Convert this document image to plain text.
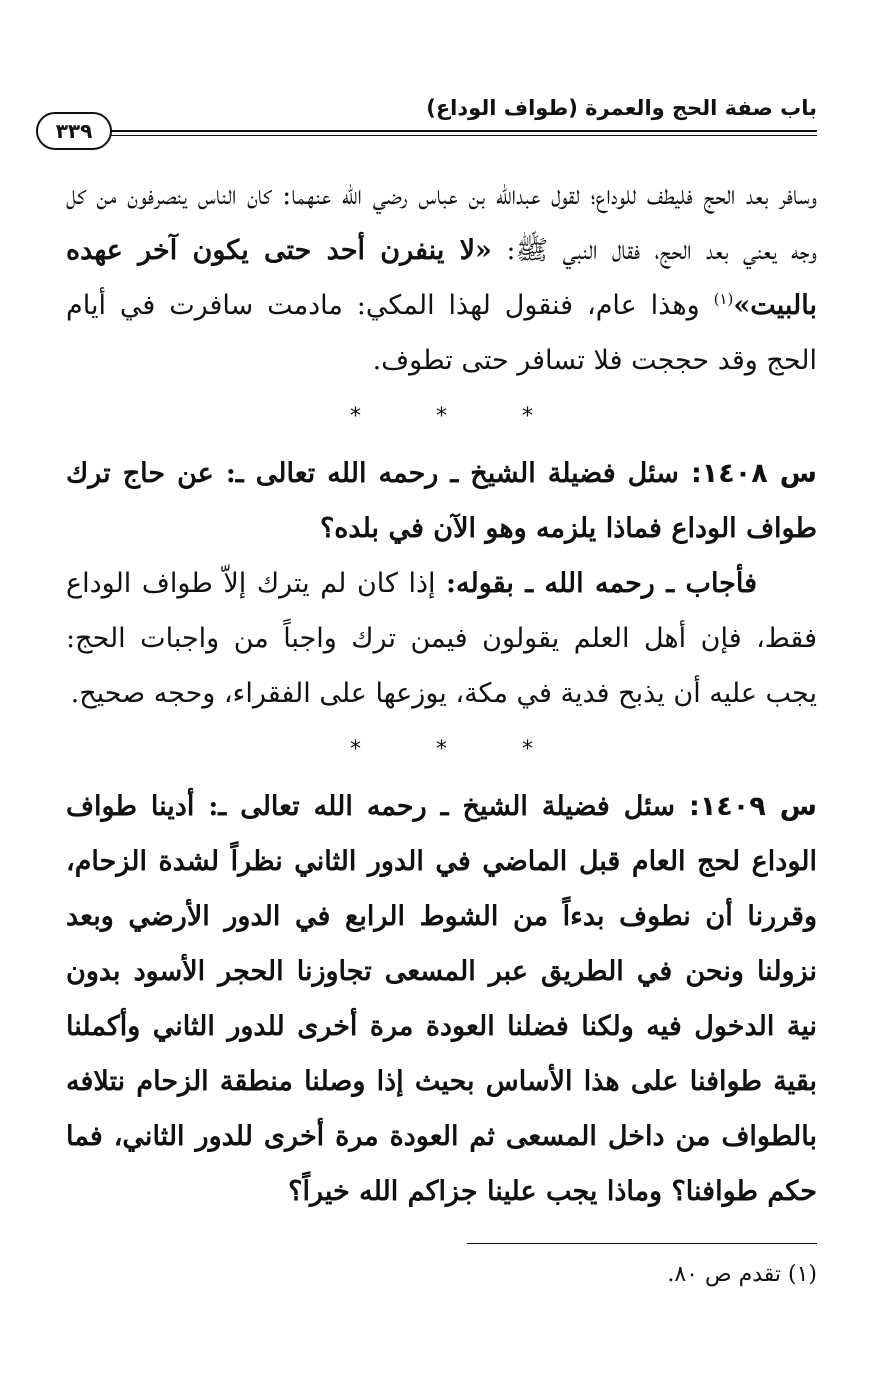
باب صفة الحج والعمرة (طواف الوداع)
٣٣٩

وسافر بعد الحج فليطف للوداع؛ لقول عبدالله بن عباس رضي الله عنهما: كان الناس ينصرفون من كل وجه يعني بعد الحج، فقال النبي ﷺ: «لا ينفرن أحد حتى يكون آخر عهده بالبيت»$^{(١)}$ وهذا عام، فنقول لهذا المكي: مادمت سافرت في أيام الحج وقد حججت فلا تسافر حتى تطوف.

* * *

س ١٤٠٨: سئل فضيلة الشيخ ـ رحمه الله تعالى ـ: عن حاج ترك طواف الوداع فماذا يلزمه وهو الآن في بلده؟

فأجاب ـ رحمه الله ـ بقوله: إذا كان لم يترك إلاّ طواف الوداع فقط، فإن أهل العلم يقولون فيمن ترك واجباً من واجبات الحج: يجب عليه أن يذبح فدية في مكة، يوزعها على الفقراء، وحجه صحيح.

* * *

س ١٤٠٩: سئل فضيلة الشيخ ـ رحمه الله تعالى ـ: أدينا طواف الوداع لحج العام قبل الماضي في الدور الثاني نظراً لشدة الزحام، وقررنا أن نطوف بدءاً من الشوط الرابع في الدور الأرضي وبعد نزولنا ونحن في الطريق عبر المسعى تجاوزنا الحجر الأسود بدون نية الدخول فيه ولكنا فضلنا العودة مرة أخرى للدور الثاني وأكملنا بقية طوافنا على هذا الأساس بحيث إذا وصلنا منطقة الزحام نتلافه بالطواف من داخل المسعى ثم العودة مرة أخرى للدور الثاني، فما حكم طوافنا؟ وماذا يجب علينا جزاكم الله خيراً؟

(١) تقدم ص ٨٠.
